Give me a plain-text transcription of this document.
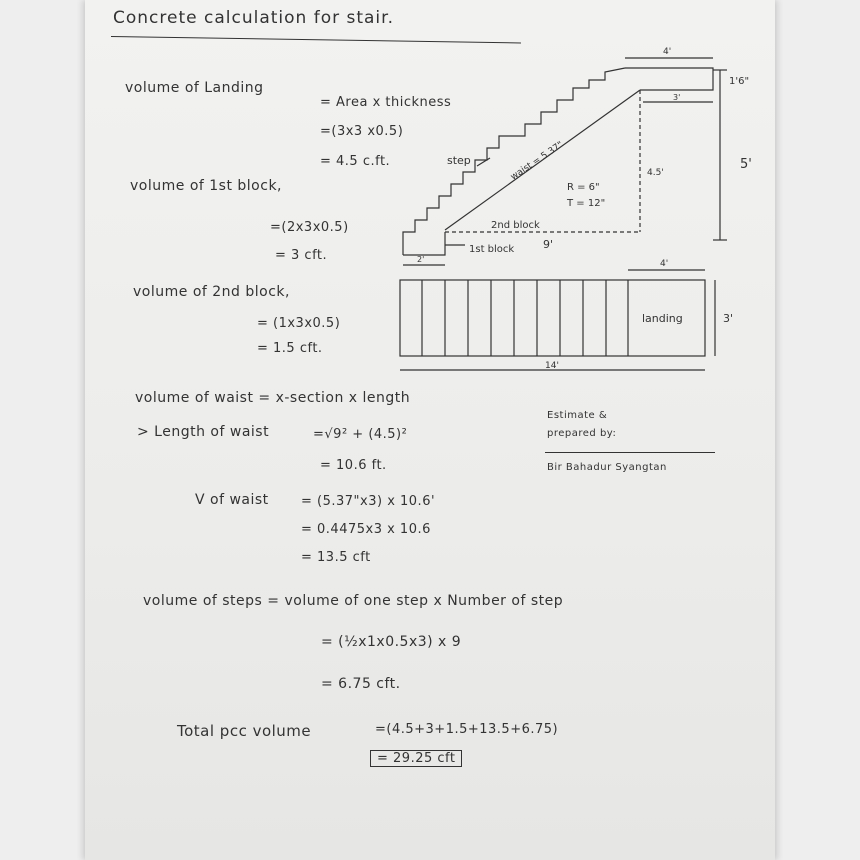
Concrete calculation for stair.
volume of Landing
= Area x thickness
=(3x3 x0.5)
= 4.5 c.ft.
volume of 1st block,
=(2x3x0.5)
= 3 cft.
volume of 2nd block,
= (1x3x0.5)
= 1.5 cft.
volume of waist = x-section x length
> Length of waist	=√9² + (4.5)²
= 10.6 ft.
V of waist = (5.37"x3) x 10.6'
= 0.4475x3 x 10.6
= 13.5 cft
volume of steps = volume of one step x Number of step
= (½x1x0.5x3) x 9
= 6.75 cft.
Total pcc volume	=(4.5+3+1.5+13.5+6.75)
= 29.25 cft
Estimate &
prepared by:
Bir Bahadur Syangtan
4'
1'6"
3'
5'
4.5'
step	waist = 5.37"
R = 6"
T = 12"
2nd block
1st block	9'
2'	4'
landing	3'
14'
